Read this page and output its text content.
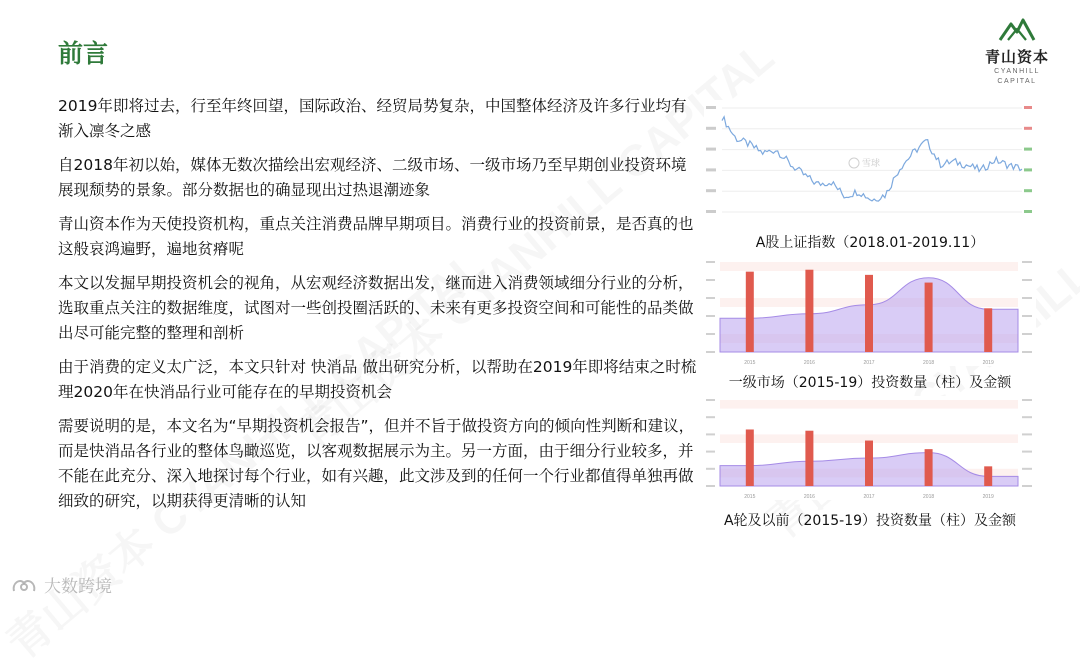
前言	青山资本
CYANHILL
CAPITAL

2019年即将过去，行至年终回望，国际政治、经贸局势复杂，中国整体经济及许多行业均有渐入凛冬之感

自2018年初以始，媒体无数次描绘出宏观经济、二级市场、一级市场乃至早期创业投资环境展现颓势的景象。部分数据也的确显现出过热退潮迹象

青山资本作为天使投资机构，重点关注消费品牌早期项目。消费行业的投资前景，是否真的也这般哀鸿遍野，遍地贫瘠呢

本文以发掘早期投资机会的视角，从宏观经济数据出发，继而进入消费领域细分行业的分析，选取重点关注的数据维度，试图对一些创投圈活跃的、未来有更多投资空间和可能性的品类做出尽可能完整的整理和剖析

由于消费的定义太广泛，本文只针对 快消品 做出研究分析，以帮助在2019年即将结束之时梳理2020年在快消品行业可能存在的早期投资机会

需要说明的是，本文名为“早期投资机会报告”，但并不旨于做投资方向的倾向性判断和建议，而是快消品各行业的整体鸟瞰巡览，以客观数据展示为主。另一方面，由于细分行业较多，并不能在此充分、深入地探讨每个行业，如有兴趣，此文涉及到的任何一个行业都值得单独再做细致的研究，以期获得更清晰的认知

雪球
A股上证指数（2018.01-2019.11）
2015	2016	2017	2018	2019
一级市场（2015-19）投资数量（柱）及金额
2015	2016	2017	2018	2019
A轮及以前（2015-19）投资数量（柱）及金额
大数跨境
